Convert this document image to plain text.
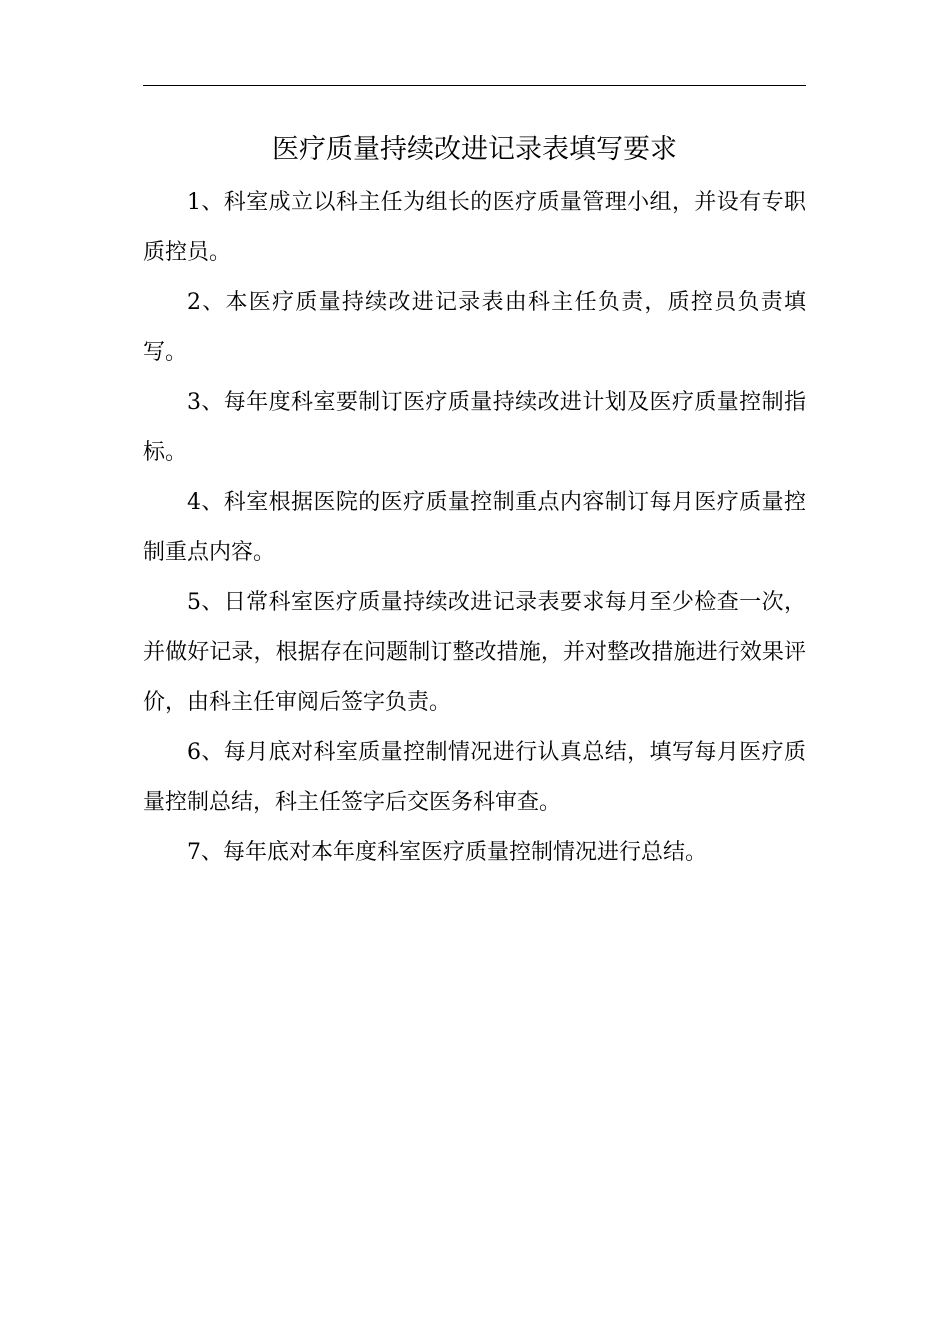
医疗质量持续改进记录表填写要求

1、科室成立以科主任为组长的医疗质量管理小组，并设有专职质控员。

2、本医疗质量持续改进记录表由科主任负责，质控员负责填写。

3、每年度科室要制订医疗质量持续改进计划及医疗质量控制指标。

4、科室根据医院的医疗质量控制重点内容制订每月医疗质量控制重点内容。

5、日常科室医疗质量持续改进记录表要求每月至少检查一次，并做好记录，根据存在问题制订整改措施，并对整改措施进行效果评价，由科主任审阅后签字负责。

6、每月底对科室质量控制情况进行认真总结，填写每月医疗质量控制总结，科主任签字后交医务科审查。

7、每年底对本年度科室医疗质量控制情况进行总结。
